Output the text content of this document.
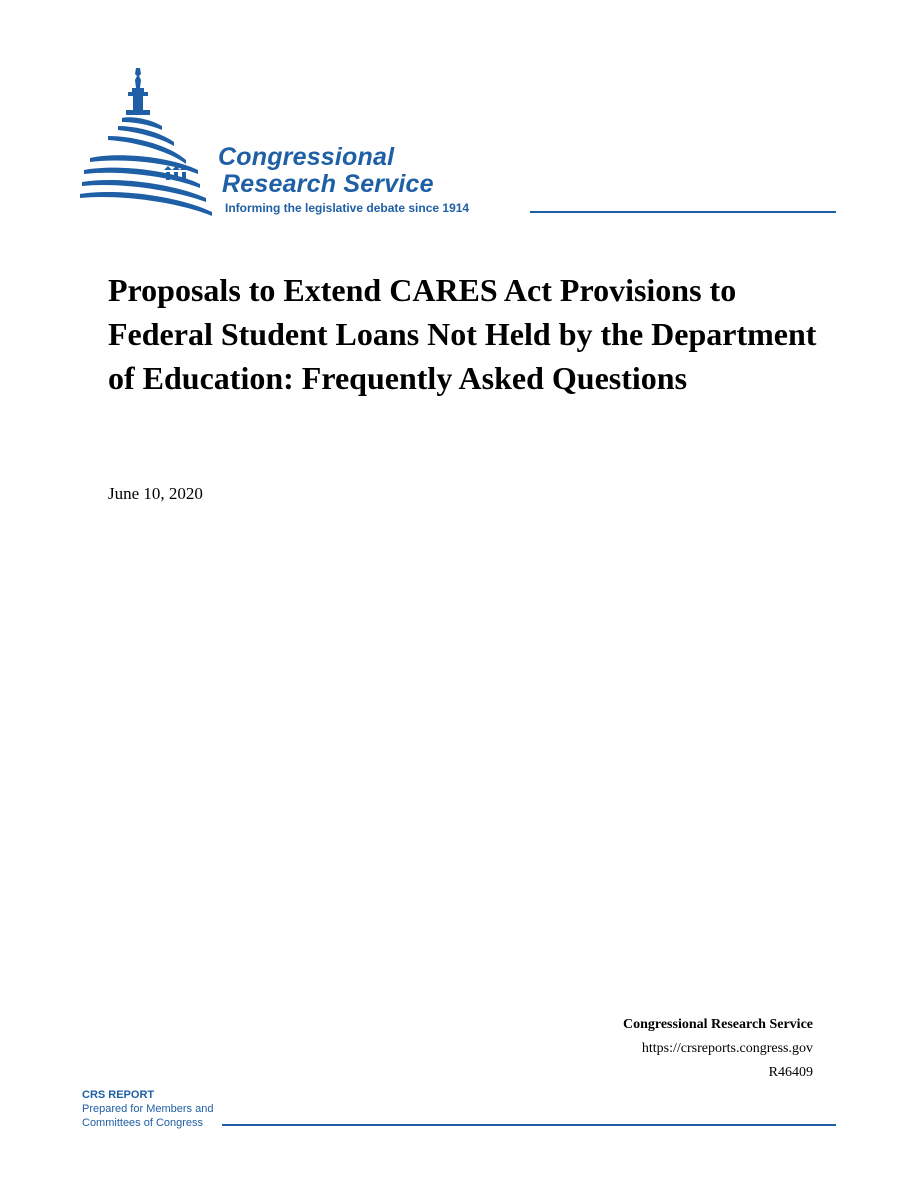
Congressional
Research Service
Informing the legislative debate since 1914
Proposals to Extend CARES Act Provisions to Federal Student Loans Not Held by the Department of Education: Frequently Asked Questions
June 10, 2020
Congressional Research Service
https://crsreports.congress.gov
R46409
CRS REPORT
Prepared for Members and
Committees of Congress
